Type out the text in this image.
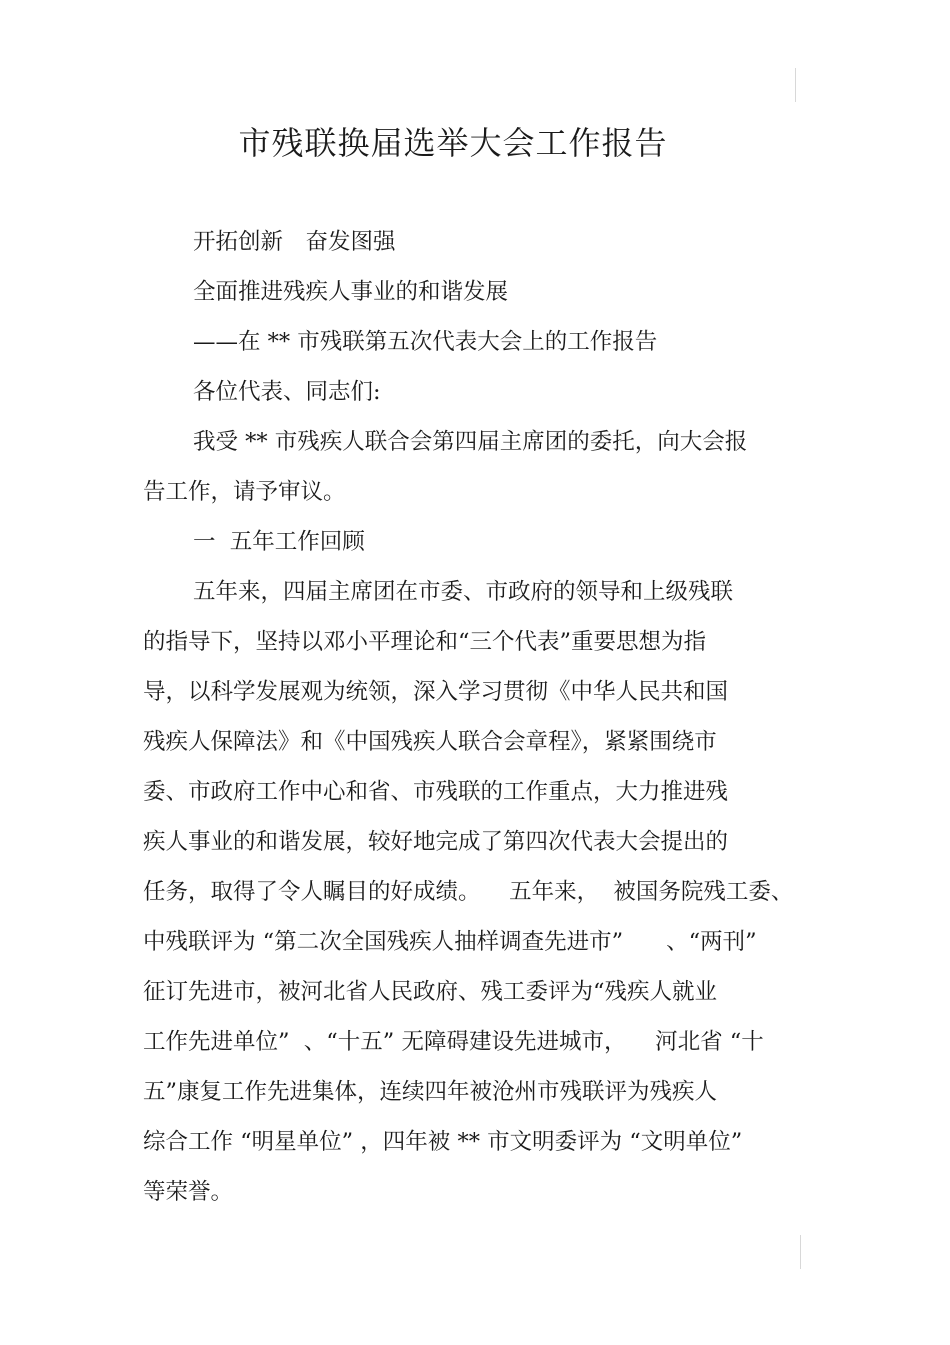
市残联换届选举大会工作报告
开拓创新　奋发图强
全面推进残疾人事业的和谐发展
——在 ** 市残联第五次代表大会上的工作报告
各位代表、同志们:
我受 ** 市残疾人联合会第四届主席团的委托，向大会报
告工作，请予审议。
一  五年工作回顾
五年来，四届主席团在市委、市政府的领导和上级残联
的指导下，坚持以邓小平理论和“三个代表”重要思想为指
导，以科学发展观为统领，深入学习贯彻《中华人民共和国
残疾人保障法》和《中国残疾人联合会章程》，紧紧围绕市
委、市政府工作中心和省、市残联的工作重点，大力推进残
疾人事业的和谐发展，较好地完成了第四次代表大会提出的
任务，取得了令人瞩目的好成绩。    五年来，  被国务院残工委、
中残联评为 “第二次全国残疾人抽样调查先进市”      、“两刊”
征订先进市，被河北省人民政府、残工委评为“残疾人就业
工作先进单位”  、“十五” 无障碍建设先进城市，    河北省 “十
五”康复工作先进集体，连续四年被沧州市残联评为残疾人
综合工作 “明星单位” ，四年被 ** 市文明委评为 “文明单位”
等荣誉。
